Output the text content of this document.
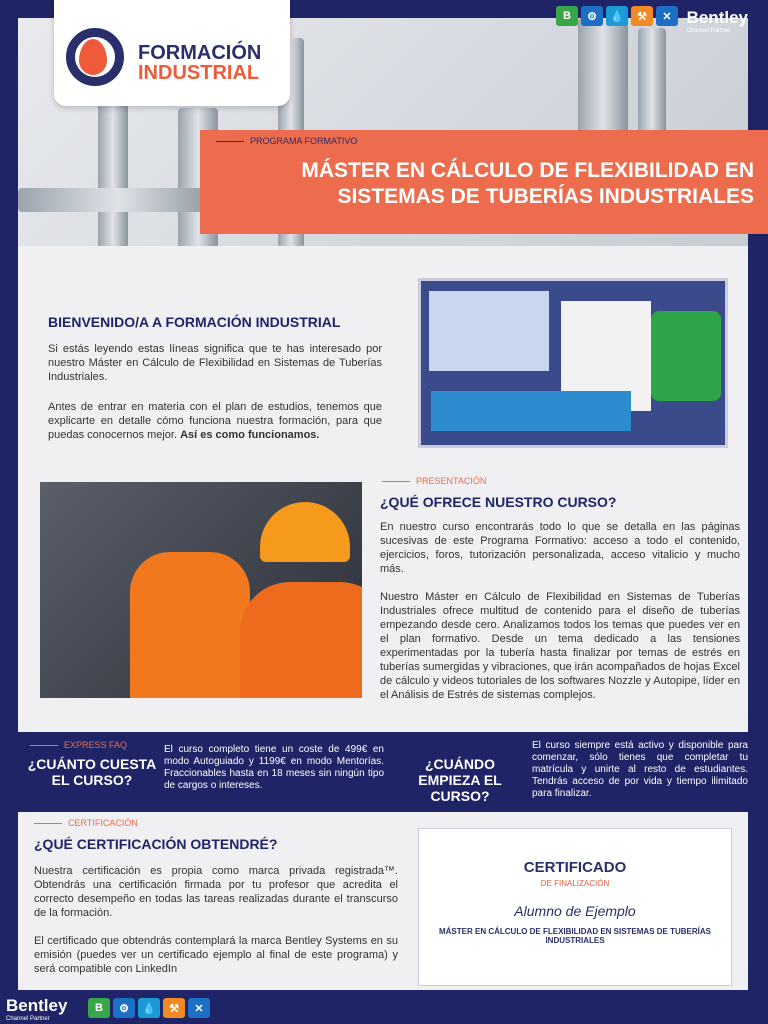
FORMACIÓN
INDUSTRIAL
B	⚙	💧	⚒	✕ Bentley
Channel Partner
PROGRAMA FORMATIVO
MÁSTER EN CÁLCULO DE FLEXIBILIDAD EN SISTEMAS DE TUBERÍAS INDUSTRIALES
BIENVENIDO/A A FORMACIÓN INDUSTRIAL

Si estás leyendo estas líneas significa que te has interesado por nuestro Máster en Cálculo de Flexibilidad en Sistemas de Tuberías Industriales.

Antes de entrar en materia con el plan de estudios, tenemos que explicarte en detalle cómo funciona nuestra formación, para que puedas conocernos mejor. Así es como funcionamos.

PRESENTACIÓN
¿QUÉ OFRECE NUESTRO CURSO?

En nuestro curso encontrarás todo lo que se detalla en las páginas sucesivas de este Programa Formativo: acceso a todo el contenido, ejercicios, foros, tutorización personalizada, acceso vitalicio y mucho más.

Nuestro Máster en Cálculo de Flexibilidad en Sistemas de Tuberías Industriales ofrece multitud de contenido para el diseño de tuberías empezando desde cero. Analizamos todos los temas que puedes ver en el plan formativo. Desde un tema dedicado a las tensiones experimentadas por la tubería hasta finalizar por temas de estrés en tuberías sumergidas y vibraciones, que irán acompañados de hojas Excel de cálculo y videos tutoriales de los softwares Nozzle y Autopipe, líder en el Análisis de Estrés de sistemas complejos.

EXPRESS FAQ
¿CUÁNTO CUESTA EL CURSO?

El curso completo tiene un coste de 499€ en modo Autoguiado y 1199€ en modo Mentorías. Fraccionables hasta en 18 meses sin ningún tipo de cargos o intereses.

¿CUÁNDO EMPIEZA EL CURSO?

El curso siempre está activo y disponible para comenzar, sólo tienes que completar tu matrícula y unirte al resto de estudiantes. Tendrás acceso de por vida y tiempo ilimitado para finalizar.

CERTIFICACIÓN
¿QUÉ CERTIFICACIÓN OBTENDRÉ?

Nuestra certificación es propia como marca privada registrada™. Obtendrás una certificación firmada por tu profesor que acredita el correcto desempeño en todas las tareas realizadas durante el transcurso de la formación.

El certificado que obtendrás contemplará la marca Bentley Systems en su emisión (puedes ver un certificado ejemplo al final de este programa) y será compatible con LinkedIn

CERTIFICADO
DE FINALIZACIÓN
Alumno de Ejemplo
MÁSTER EN CÁLCULO DE FLEXIBILIDAD EN SISTEMAS DE TUBERÍAS INDUSTRIALES
B	⚙	💧	⚒	✕
Bentley
Channel Partner
